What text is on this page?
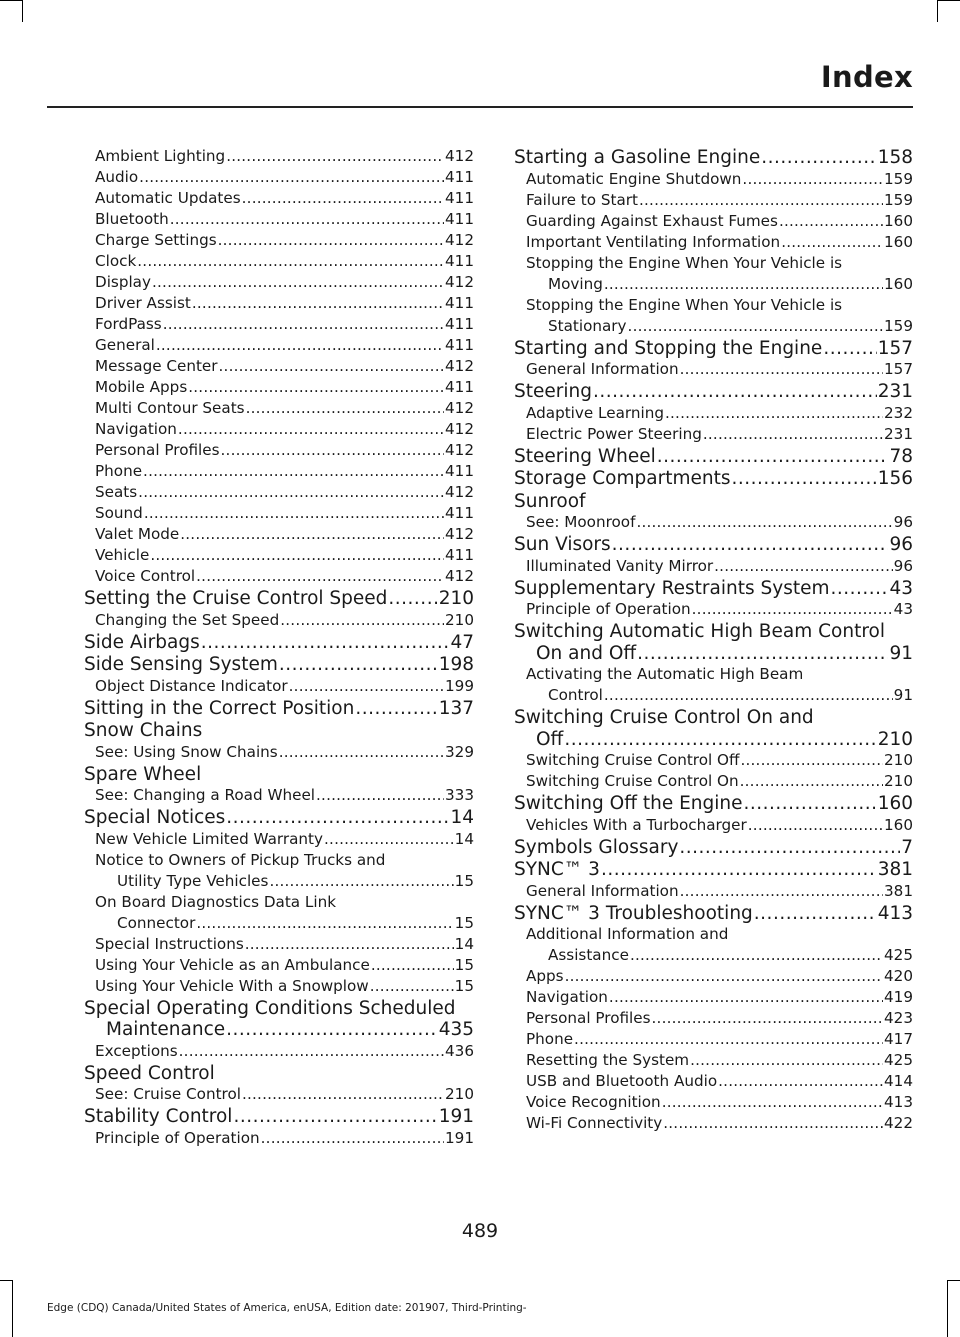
Index
Ambient Lighting .....	412
Audio .....	411
Automatic Updates .....	411
Bluetooth .....	411
Charge Settings .....	412
Clock .....	411
Display .....	412
Driver Assist .....	411
FordPass .....	411
General .....	411
Message Center .....	412
Mobile Apps .....	411
Multi Contour Seats .....	412
Navigation .....	412
Personal Profiles .....	412
Phone .....	411
Seats .....	412
Sound .....	411
Valet Mode .....	412
Vehicle .....	411
Voice Control .....	412
Setting the Cruise Control Speed .....	210
Changing the Set Speed .....	210
Side Airbags .....	47
Side Sensing System .....	198
Object Distance Indicator .....	199
Sitting in the Correct Position .....	137
Snow Chains
See: Using Snow Chains .....	329
Spare Wheel
See: Changing a Road Wheel .....	333
Special Notices .....	14
New Vehicle Limited Warranty .....	14
Notice to Owners of Pickup Trucks and
Utility Type Vehicles .....	15
On Board Diagnostics Data Link
Connector .....	15
Special Instructions .....	14
Using Your Vehicle as an Ambulance .....	15
Using Your Vehicle With a Snowplow .....	15
Special Operating Conditions Scheduled
Maintenance .....	435
Exceptions .....	436
Speed Control
See: Cruise Control .....	210
Stability Control .....	191
Principle of Operation .....	191
Starting a Gasoline Engine .....	158
Automatic Engine Shutdown .....	159
Failure to Start .....	159
Guarding Against Exhaust Fumes .....	160
Important Ventilating Information .....	160
Stopping the Engine When Your Vehicle is
Moving .....	160
Stopping the Engine When Your Vehicle is
Stationary .....	159
Starting and Stopping the Engine .....	157
General Information .....	157
Steering .....	231
Adaptive Learning .....	232
Electric Power Steering .....	231
Steering Wheel .....	78
Storage Compartments .....	156
Sunroof
See: Moonroof .....	96
Sun Visors .....	96
Illuminated Vanity Mirror .....	96
Supplementary Restraints System .....	43
Principle of Operation .....	43
Switching Automatic High Beam Control
On and Off .....	91
Activating the Automatic High Beam
Control .....	91
Switching Cruise Control On and
Off .....	210
Switching Cruise Control Off .....	210
Switching Cruise Control On .....	210
Switching Off the Engine .....	160
Vehicles With a Turbocharger .....	160
Symbols Glossary .....	7
SYNC™ 3 .....	381
General Information .....	381
SYNC™ 3 Troubleshooting .....	413
Additional Information and
Assistance .....	425
Apps .....	420
Navigation .....	419
Personal Profiles .....	423
Phone .....	417
Resetting the System .....	425
USB and Bluetooth Audio .....	414
Voice Recognition .....	413
Wi-Fi Connectivity .....	422
489
Edge (CDQ) Canada/United States of America, enUSA, Edition date: 201907, Third-Printing-
